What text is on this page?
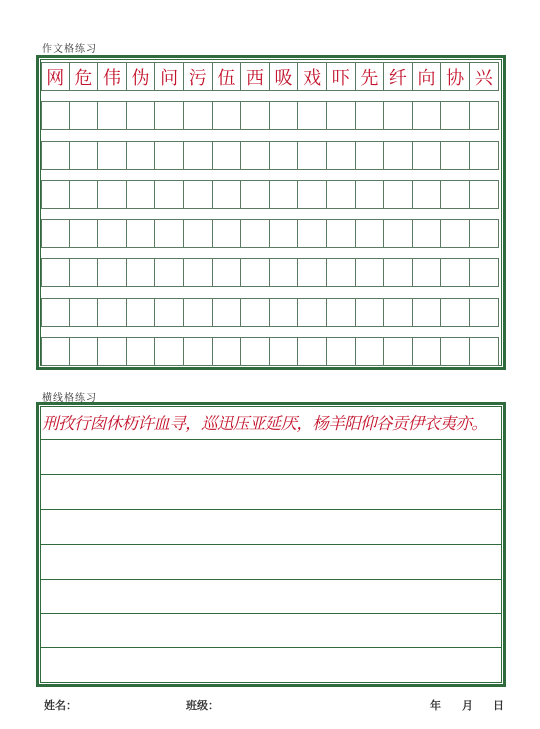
作文格练习
网 危 伟 伪 问 污 伍 西 吸 戏 吓 先 纤 向 协 兴
横线格练习
刑孜行囱休杤许血寻，巡迅压亚延厌，杨羊阳仰谷贡伊衣夷亦。
姓名：	班级：	年 月 日
